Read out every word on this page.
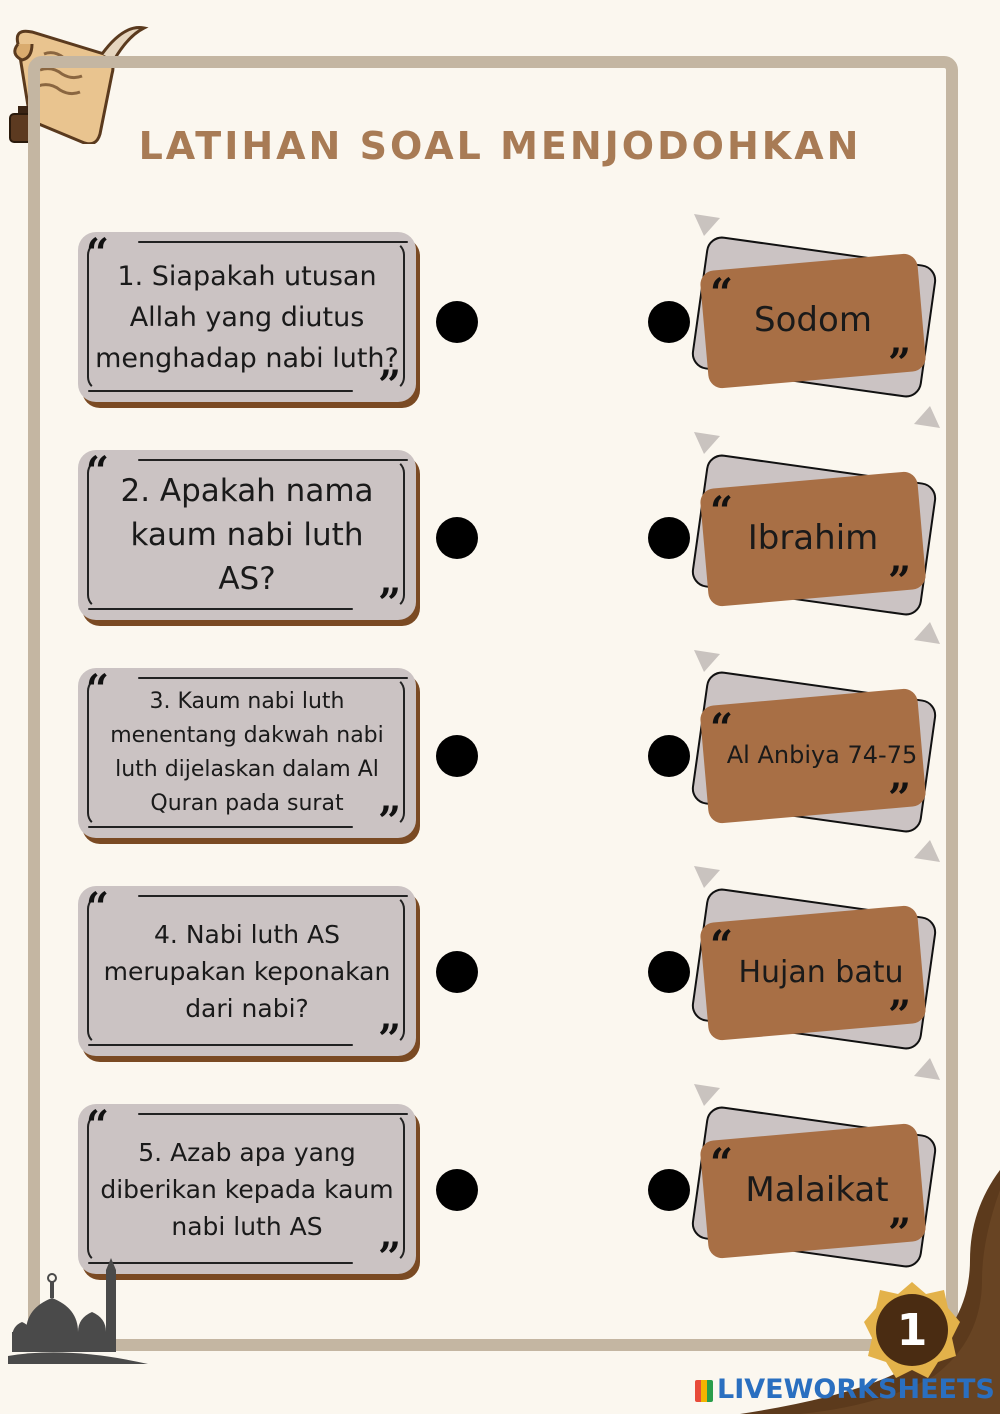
LATIHAN SOAL MENJODOHKAN
“
”
1. Siapakah utusan Allah yang diutus menghadap nabi luth?
“
”
2. Apakah nama kaum nabi luth AS?
“
”
3. Kaum nabi luth menentang dakwah nabi luth dijelaskan dalam Al Quran pada surat
“
”
4. Nabi luth AS merupakan keponakan dari nabi?
“
”
5. Azab apa yang diberikan kepada kaum nabi luth AS
“
”
Sodom
“
”
Ibrahim
“
”
Al Anbiya 74-75
“
”
Hujan batu
“
”
Malaikat
1
LIVEWORKSHEETS
